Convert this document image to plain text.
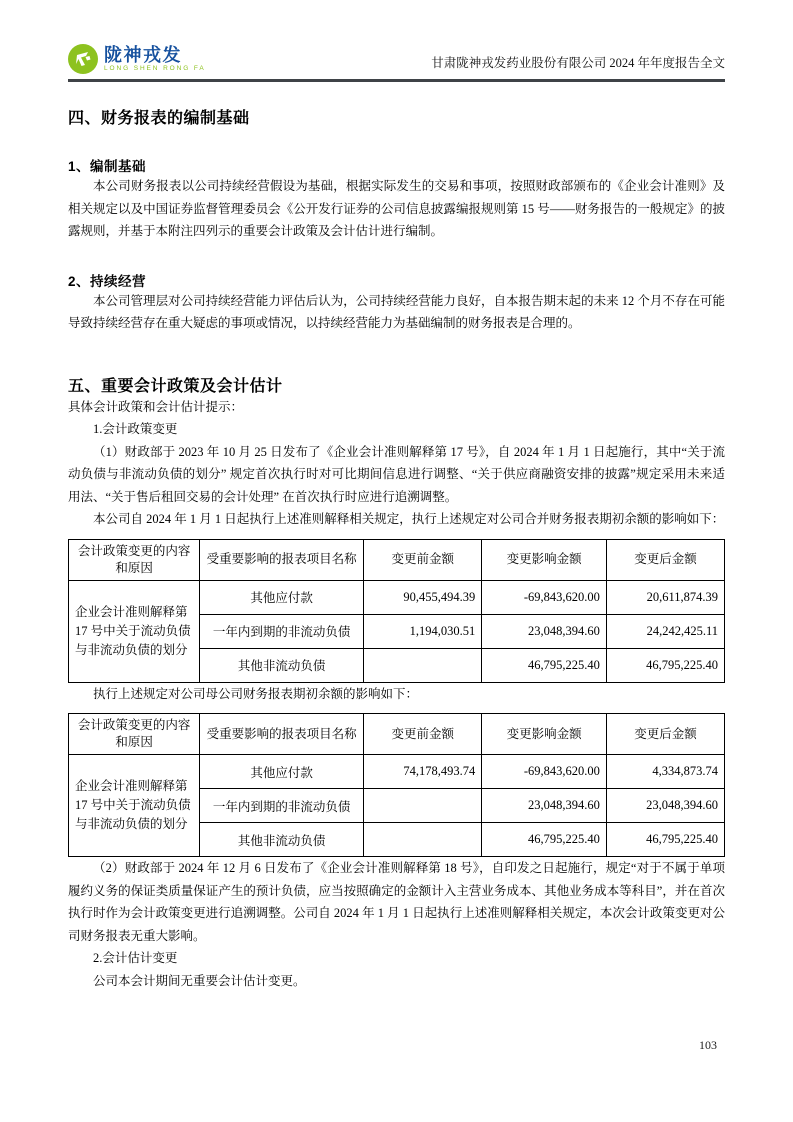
陇神戎发
LONG SHEN RONG FA	甘肃陇神戎发药业股份有限公司 2024 年年度报告全文
四、财务报表的编制基础
1、编制基础

本公司财务报表以公司持续经营假设为基础，根据实际发生的交易和事项，按照财政部颁布的《企业会计准则》及相关规定以及中国证券监督管理委员会《公开发行证券的公司信息披露编报规则第 15 号——财务报告的一般规定》的披露规则，并基于本附注四列示的重要会计政策及会计估计进行编制。

2、持续经营

本公司管理层对公司持续经营能力评估后认为，公司持续经营能力良好，自本报告期末起的未来 12 个月不存在可能导致持续经营存在重大疑虑的事项或情况，以持续经营能力为基础编制的财务报表是合理的。

五、重要会计政策及会计估计

具体会计政策和会计估计提示：

1.会计政策变更

（1）财政部于 2023 年 10 月 25 日发布了《企业会计准则解释第 17 号》，自 2024 年 1 月 1 日起施行，其中“关于流动负债与非流动负债的划分” 规定首次执行时对可比期间信息进行调整、“关于供应商融资安排的披露”规定采用未来适用法、“关于售后租回交易的会计处理” 在首次执行时应进行追溯调整。

本公司自 2024 年 1 月 1 日起执行上述准则解释相关规定，执行上述规定对公司合并财务报表期初余额的影响如下：

会计政策变更的内容和原因	受重要影响的报表项目名称	变更前金额	变更影响金额	变更后金额
企业会计准则解释第 17 号中关于流动负债与非流动负债的划分	其他应付款	90,455,494.39	-69,843,620.00	20,611,874.39
	一年内到期的非流动负债	1,194,030.51	23,048,394.60	24,242,425.11
	其他非流动负债		46,795,225.40	46,795,225.40

执行上述规定对公司母公司财务报表期初余额的影响如下：

会计政策变更的内容和原因	受重要影响的报表项目名称	变更前金额	变更影响金额	变更后金额
企业会计准则解释第 17 号中关于流动负债与非流动负债的划分	其他应付款	74,178,493.74	-69,843,620.00	4,334,873.74
	一年内到期的非流动负债		23,048,394.60	23,048,394.60
	其他非流动负债		46,795,225.40	46,795,225.40

（2）财政部于 2024 年 12 月 6 日发布了《企业会计准则解释第 18 号》，自印发之日起施行，规定“对于不属于单项履约义务的保证类质量保证产生的预计负债，应当按照确定的金额计入主营业务成本、其他业务成本等科目”，并在首次执行时作为会计政策变更进行追溯调整。公司自 2024 年 1 月 1 日起执行上述准则解释相关规定，本次会计政策变更对公司财务报表无重大影响。

2.会计估计变更

公司本会计期间无重要会计估计变更。

103
